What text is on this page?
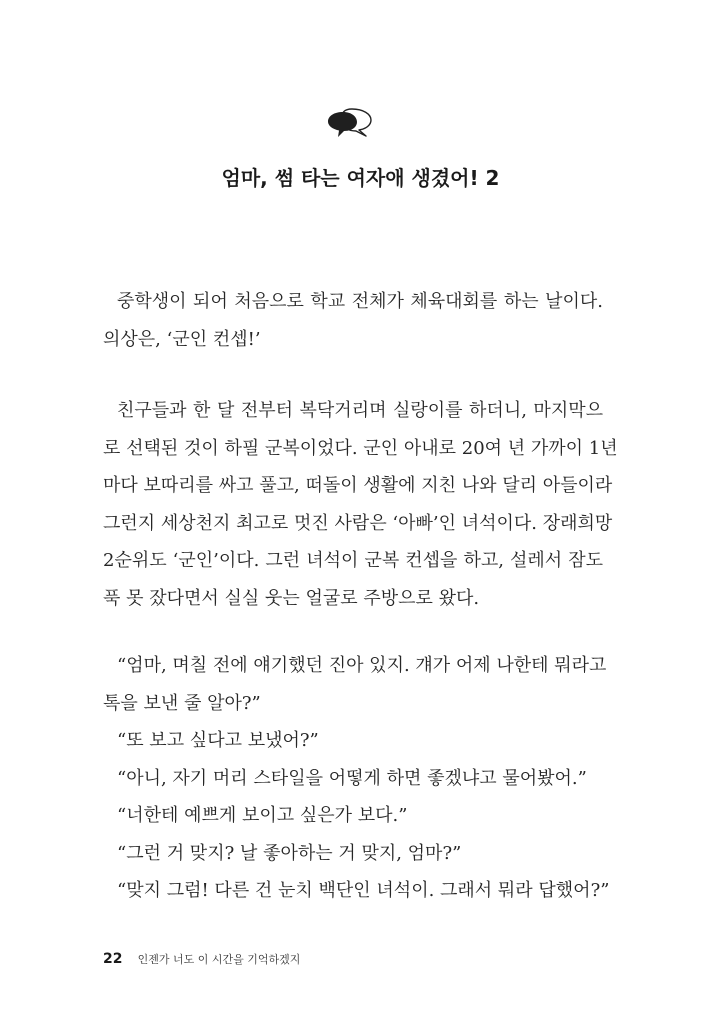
엄마, 썸 타는 여자애 생겼어! 2
중학생이 되어 처음으로 학교 전체가 체육대회를 하는 날이다.
의상은, ‘군인 컨셉!’
친구들과 한 달 전부터 복닥거리며 실랑이를 하더니, 마지막으
로 선택된 것이 하필 군복이었다. 군인 아내로 20여 년 가까이 1년
마다 보따리를 싸고 풀고, 떠돌이 생활에 지친 나와 달리 아들이라
그런지 세상천지 최고로 멋진 사람은 ‘아빠’인 녀석이다. 장래희망
2순위도 ‘군인’이다. 그런 녀석이 군복 컨셉을 하고, 설레서 잠도
푹 못 잤다면서 실실 웃는 얼굴로 주방으로 왔다.
“엄마, 며칠 전에 얘기했던 진아 있지. 걔가 어제 나한테 뭐라고
톡을 보낸 줄 알아?”
“또 보고 싶다고 보냈어?”
“아니, 자기 머리 스타일을 어떻게 하면 좋겠냐고 물어봤어.”
“너한테 예쁘게 보이고 싶은가 보다.”
“그런 거 맞지? 날 좋아하는 거 맞지, 엄마?”
“맞지 그럼! 다른 건 눈치 백단인 녀석이. 그래서 뭐라 답했어?”
22 인젠가 너도 이 시간을 기억하겠지
